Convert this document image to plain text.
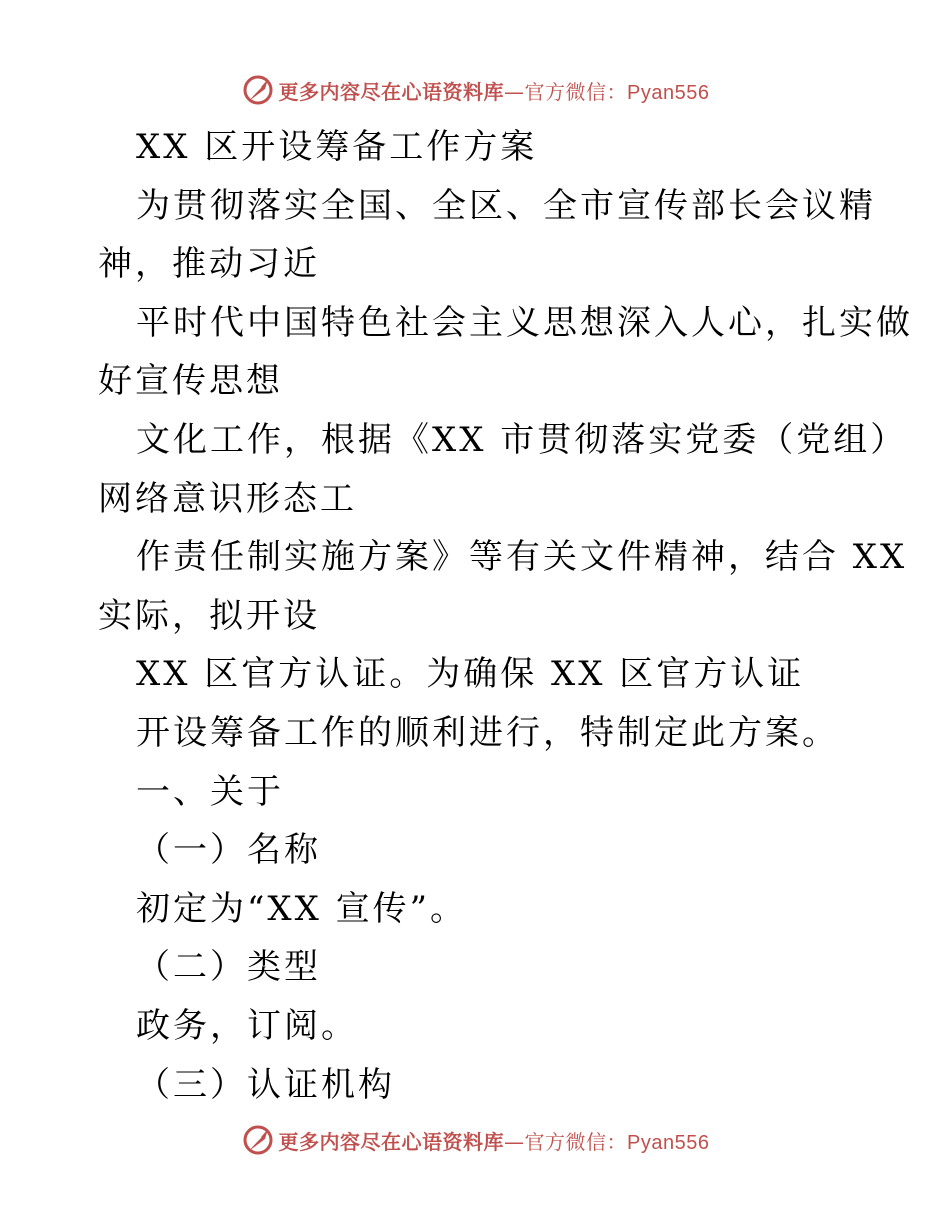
更多内容尽在心语资料库—官方微信：Pyan556
XX 区开设筹备工作方案
为贯彻落实全国、全区、全市宣传部长会议精
神，推动习近
平时代中国特色社会主义思想深入人心，扎实做
好宣传思想
文化工作，根据《XX 市贯彻落实党委（党组）
网络意识形态工
作责任制实施方案》等有关文件精神，结合 XX
实际，拟开设
XX 区官方认证。为确保 XX 区官方认证
开设筹备工作的顺利进行，特制定此方案。
一、关于
（一）名称
初定为“XX 宣传”。
（二）类型
政务，订阅。
（三）认证机构
更多内容尽在心语资料库—官方微信：Pyan556
